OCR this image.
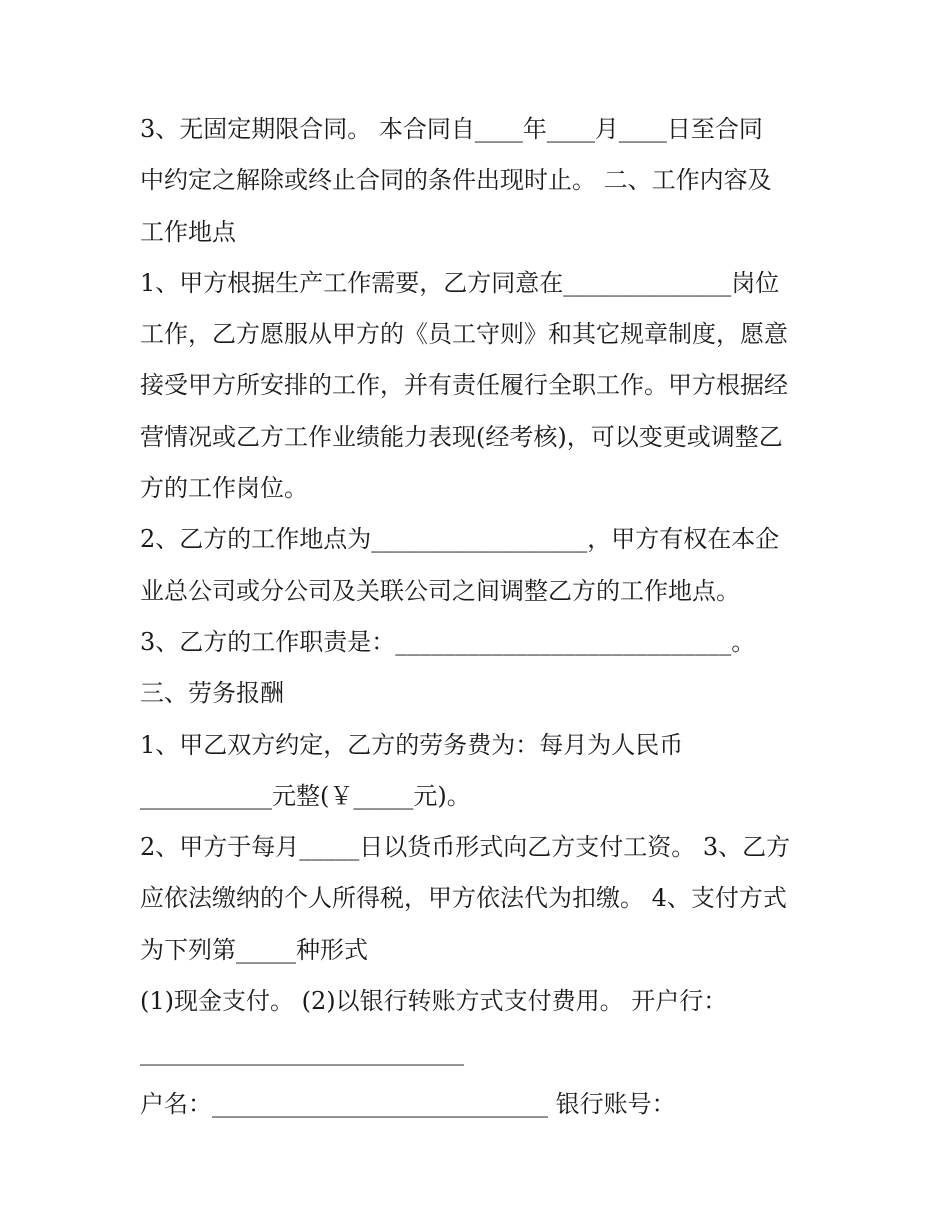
3、无固定期限合同。 本合同自____年____月____日至合同
中约定之解除或终止合同的条件出现时止。 二、工作内容及
工作地点
1、甲方根据生产工作需要，乙方同意在______________岗位
工作，乙方愿服从甲方的《员工守则》和其它规章制度，愿意
接受甲方所安排的工作，并有责任履行全职工作。甲方根据经
营情况或乙方工作业绩能力表现(经考核)，可以变更或调整乙
方的工作岗位。
2、乙方的工作地点为__________________，甲方有权在本企
业总公司或分公司及关联公司之间调整乙方的工作地点。
3、乙方的工作职责是：____________________________。
三、劳务报酬
1、甲乙双方约定，乙方的劳务费为：每月为人民币
___________元整(￥_____元)。
2、甲方于每月_____日以货币形式向乙方支付工资。 3、乙方
应依法缴纳的个人所得税，甲方依法代为扣缴。 4、支付方式
为下列第_____种形式
(1)现金支付。 (2)以银行转账方式支付费用。 开户行：
___________________________
户名：____________________________ 银行账号：
